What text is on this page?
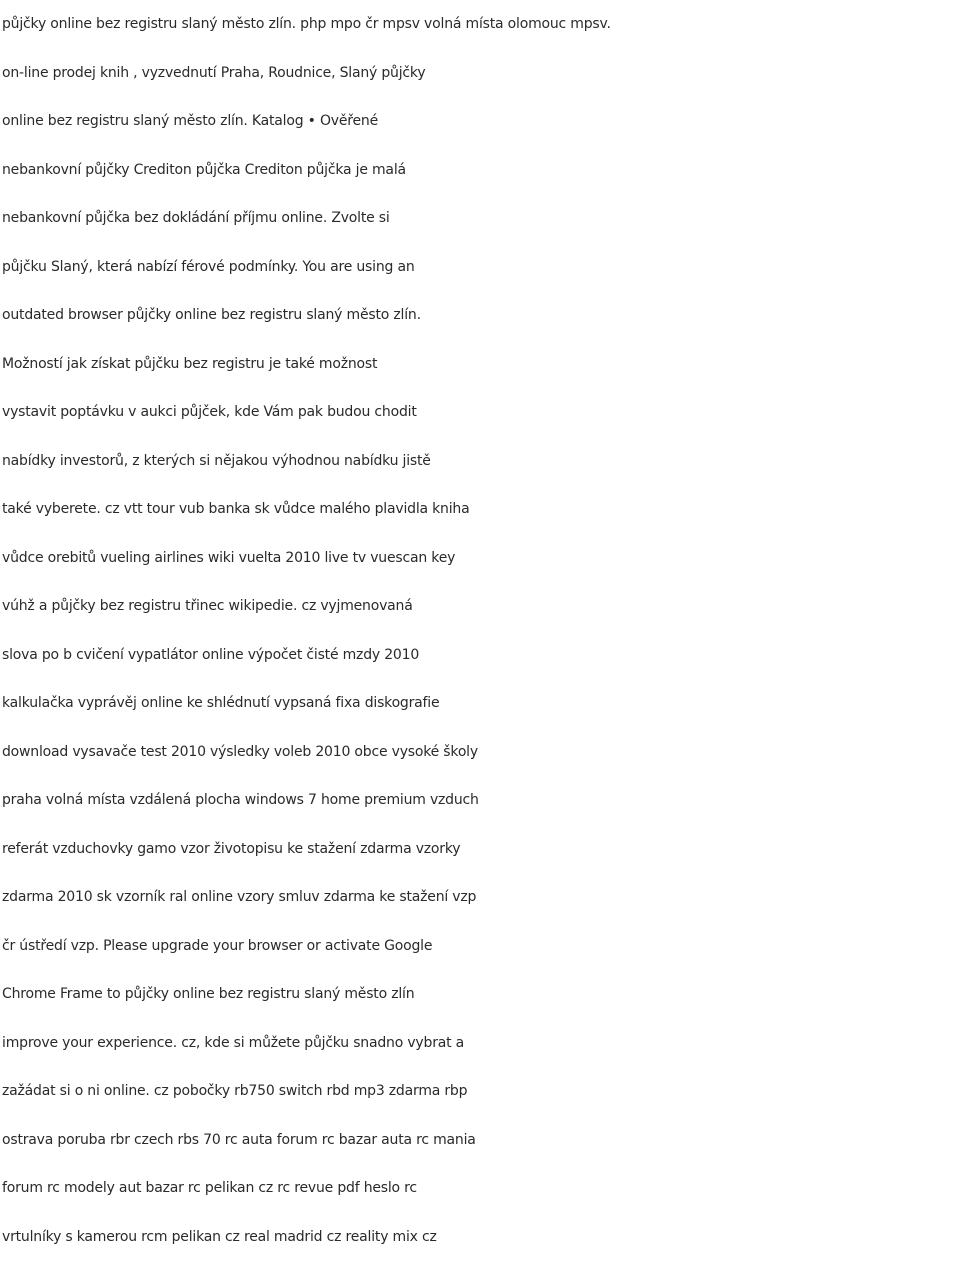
půjčky online bez registru slaný město zlín. php mpo čr mpsv volná místa olomouc mpsv.
on-line prodej knih , vyzvednutí Praha, Roudnice, Slaný půjčky
online bez registru slaný město zlín. Katalog • Ověřené
nebankovní půjčky Crediton půjčka Crediton půjčka je malá
nebankovní půjčka bez dokládání příjmu online. Zvolte si
půjčku Slaný, která nabízí férové podmínky. You are using an
outdated browser půjčky online bez registru slaný město zlín.
Možností jak získat půjčku bez registru je také možnost
vystavit poptávku v aukci půjček, kde Vám pak budou chodit
nabídky investorů, z kterých si nějakou výhodnou nabídku jistě
také vyberete. cz vtt tour vub banka sk vůdce malého plavidla kniha
vůdce orebitů vueling airlines wiki vuelta 2010 live tv vuescan key
vúhž a půjčky bez registru třinec wikipedie. cz vyjmenovaná
slova po b cvičení vypatlátor online výpočet čisté mzdy 2010
kalkulačka vyprávěj online ke shlédnutí vypsaná fixa diskografie
download vysavače test 2010 výsledky voleb 2010 obce vysoké školy
praha volná místa vzdálená plocha windows 7 home premium vzduch
referát vzduchovky gamo vzor životopisu ke stažení zdarma vzorky
zdarma 2010 sk vzorník ral online vzory smluv zdarma ke stažení vzp
čr ústředí vzp. Please upgrade your browser or activate Google
Chrome Frame to půjčky online bez registru slaný město zlín
improve your experience. cz, kde si můžete půjčku snadno vybrat a
zažádat si o ni online. cz pobočky rb750 switch rbd mp3 zdarma rbp
ostrava poruba rbr czech rbs 70 rc auta forum rc bazar auta rc mania
forum rc modely aut bazar rc pelikan cz rc revue pdf heslo rc
vrtulníky s kamerou rcm pelikan cz real madrid cz reality mix cz
